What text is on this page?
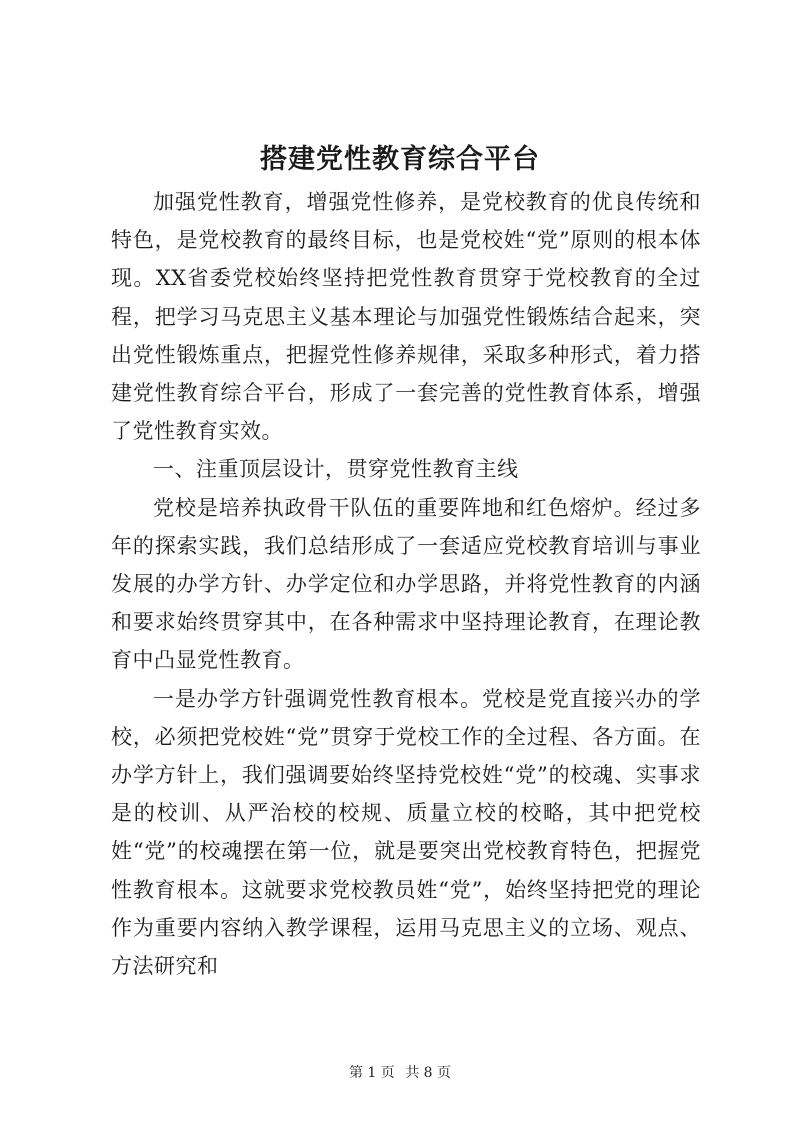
搭建党性教育综合平台

加强党性教育，增强党性修养，是党校教育的优良传统和特色，是党校教育的最终目标，也是党校姓“党”原则的根本体现。XX省委党校始终坚持把党性教育贯穿于党校教育的全过程，把学习马克思主义基本理论与加强党性锻炼结合起来，突出党性锻炼重点，把握党性修养规律，采取多种形式，着力搭建党性教育综合平台，形成了一套完善的党性教育体系，增强了党性教育实效。

一、注重顶层设计，贯穿党性教育主线

党校是培养执政骨干队伍的重要阵地和红色熔炉。经过多年的探索实践，我们总结形成了一套适应党校教育培训与事业发展的办学方针、办学定位和办学思路，并将党性教育的内涵和要求始终贯穿其中，在各种需求中坚持理论教育，在理论教育中凸显党性教育。

一是办学方针强调党性教育根本。党校是党直接兴办的学校，必须把党校姓“党”贯穿于党校工作的全过程、各方面。在办学方针上，我们强调要始终坚持党校姓“党”的校魂、实事求是的校训、从严治校的校规、质量立校的校略，其中把党校姓“党”的校魂摆在第一位，就是要突出党校教育特色，把握党性教育根本。这就要求党校教员姓“党”，始终坚持把党的理论作为重要内容纳入教学课程，运用马克思主义的立场、观点、方法研究和

第 1 页 共 8 页
